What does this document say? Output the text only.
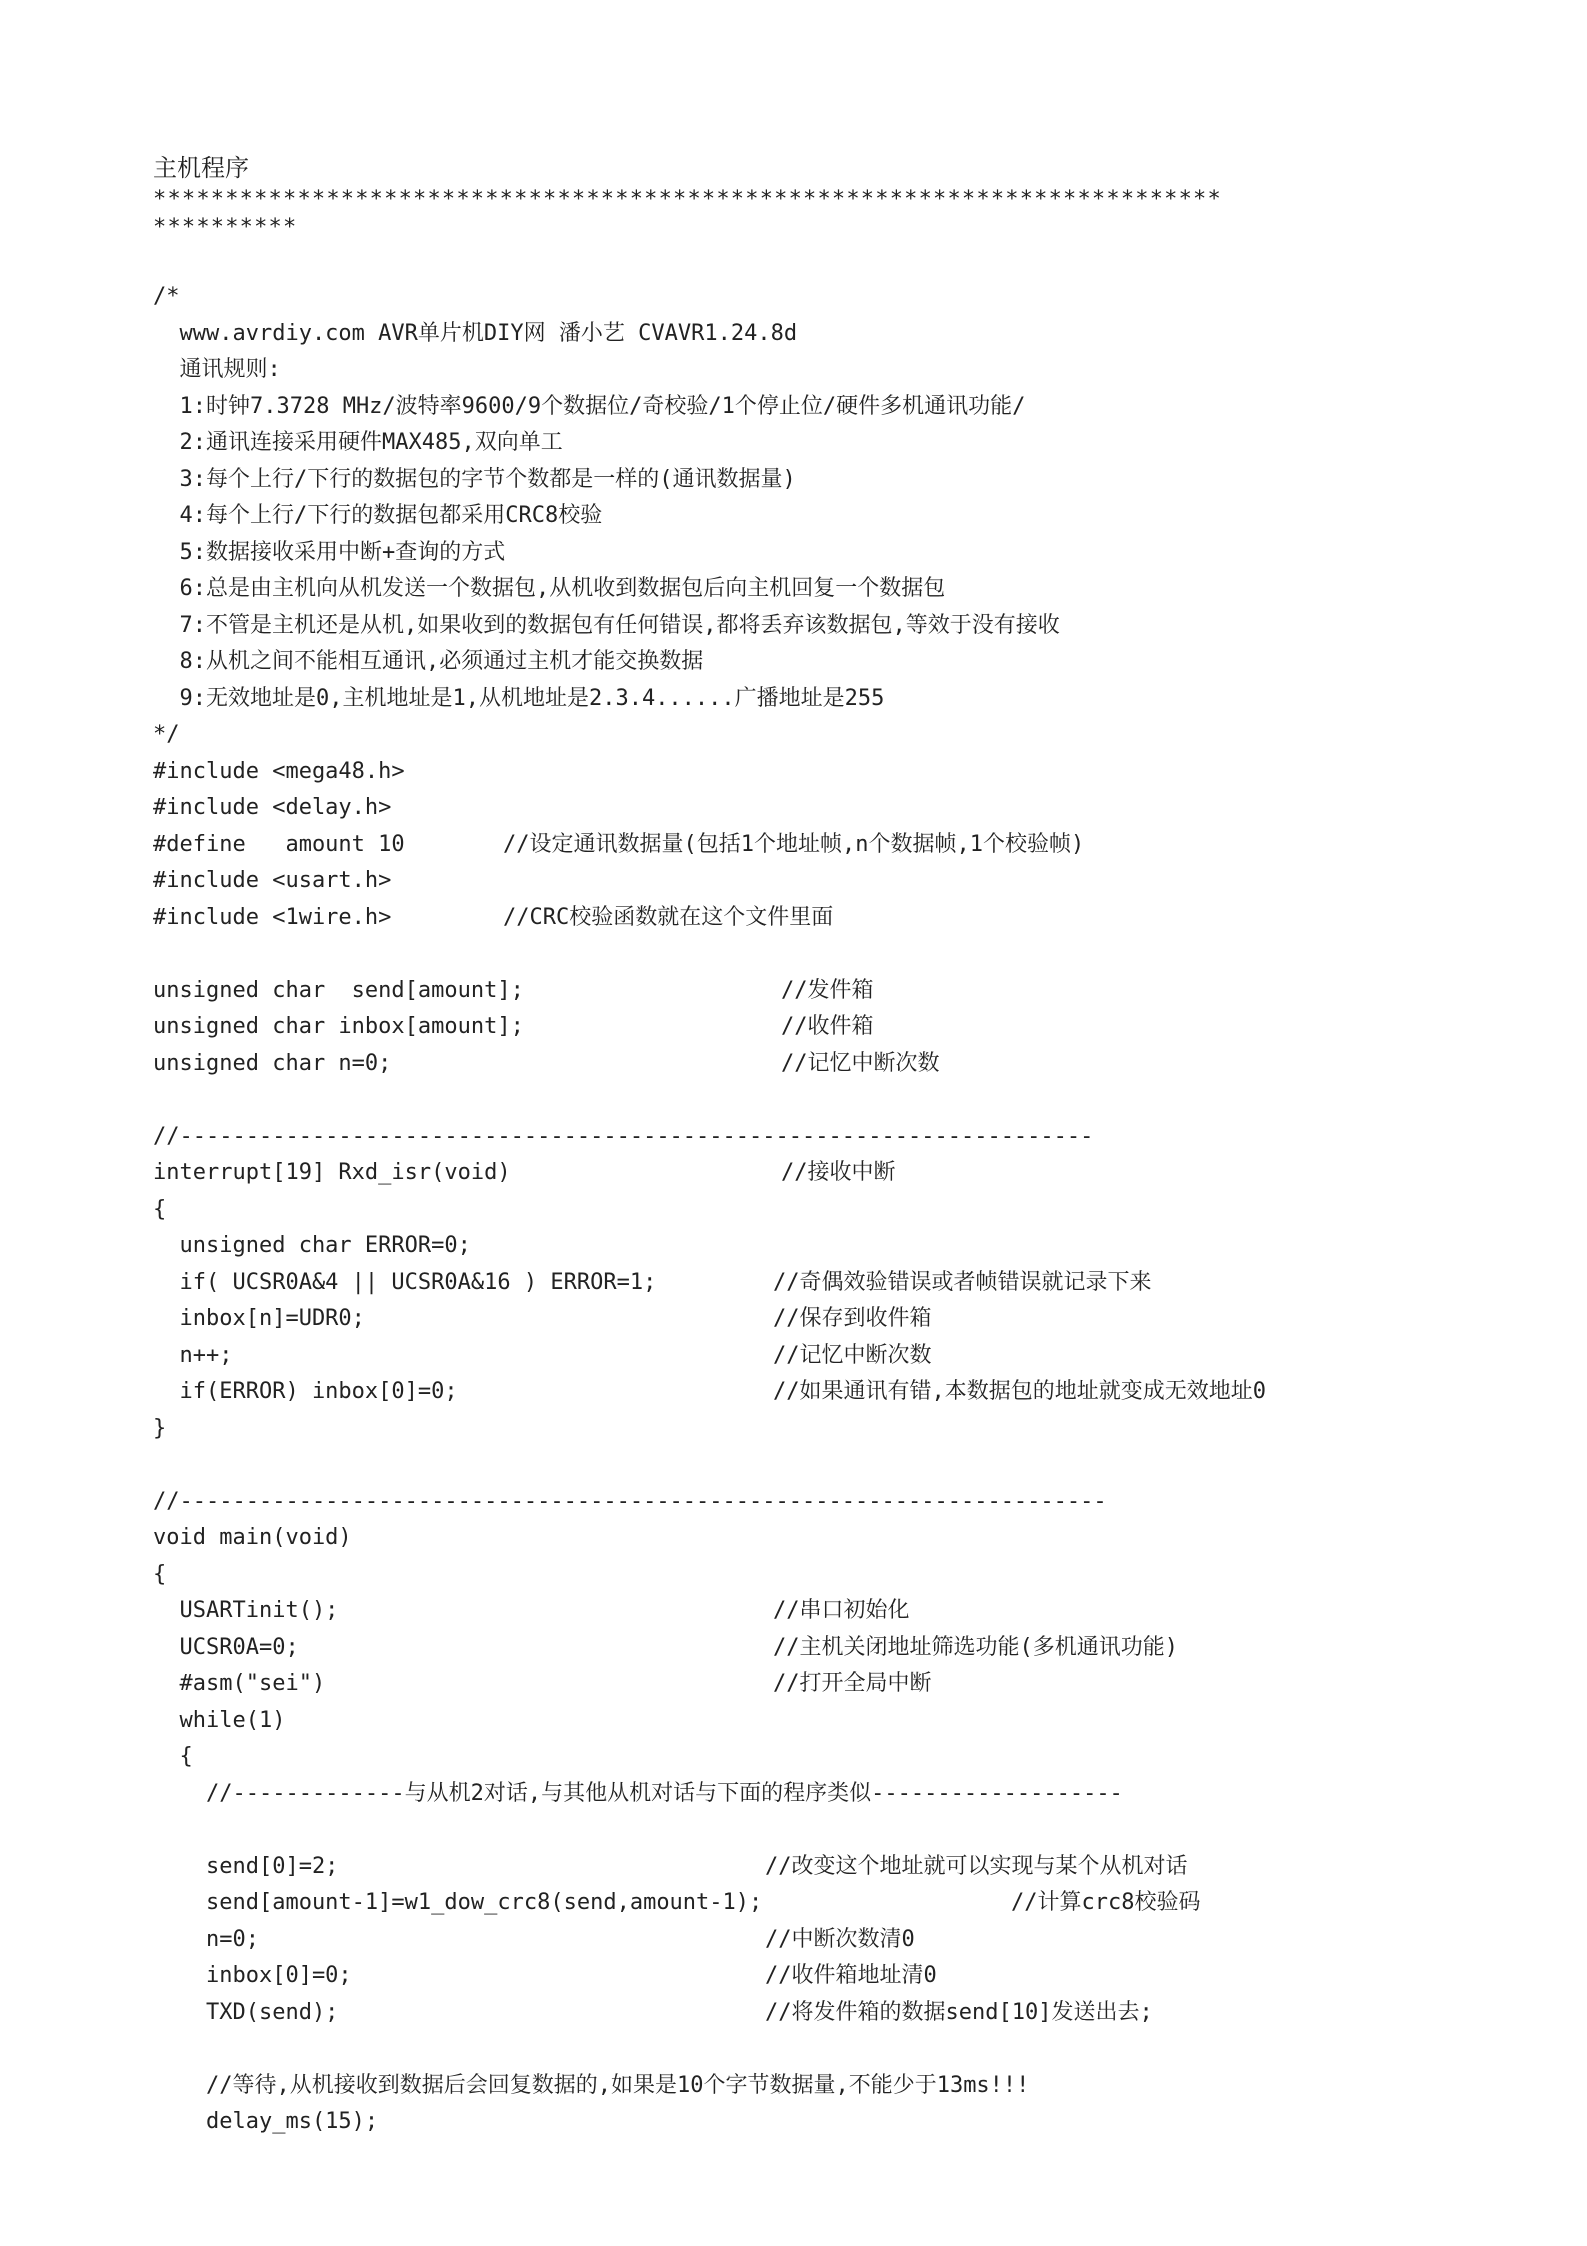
主机程序
**************************************************************************
**********
/*
www.avrdiy.com AVR单片机DIY网 潘小艺 CVAVR1.24.8d
通讯规则:
1:时钟7.3728 MHz/波特率9600/9个数据位/奇校验/1个停止位/硬件多机通讯功能/
2:通讯连接采用硬件MAX485,双向单工
3:每个上行/下行的数据包的字节个数都是一样的(通讯数据量)
4:每个上行/下行的数据包都采用CRC8校验
5:数据接收采用中断+查询的方式
6:总是由主机向从机发送一个数据包,从机收到数据包后向主机回复一个数据包
7:不管是主机还是从机,如果收到的数据包有任何错误,都将丢弃该数据包,等效于没有接收
8:从机之间不能相互通讯,必须通过主机才能交换数据
9:无效地址是0,主机地址是1,从机地址是2.3.4......广播地址是255
*/
#include <mega48.h>
#include <delay.h>
#define   amount 10	//设定通讯数据量(包括1个地址帧,n个数据帧,1个校验帧)
#include <usart.h>
#include <1wire.h>	//CRC校验函数就在这个文件里面
unsigned char  send[amount];	//发件箱
unsigned char inbox[amount];	//收件箱
unsigned char n=0;	//记忆中断次数
//---------------------------------------------------------------------
interrupt[19] Rxd_isr(void)	//接收中断
{
unsigned char ERROR=0;
if( UCSR0A&4 || UCSR0A&16 ) ERROR=1;	//奇偶效验错误或者帧错误就记录下来
inbox[n]=UDR0;	//保存到收件箱
n++;	//记忆中断次数
if(ERROR) inbox[0]=0;	//如果通讯有错,本数据包的地址就变成无效地址0
}
//----------------------------------------------------------------------
void main(void)
{
USARTinit();	//串口初始化
UCSR0A=0;	//主机关闭地址筛选功能(多机通讯功能)
#asm("sei")	//打开全局中断
while(1)
{
//-------------与从机2对话,与其他从机对话与下面的程序类似-------------------
send[0]=2;	//改变这个地址就可以实现与某个从机对话
send[amount-1]=w1_dow_crc8(send,amount-1);	//计算crc8校验码
n=0;	//中断次数清0
inbox[0]=0;	//收件箱地址清0
TXD(send);	//将发件箱的数据send[10]发送出去;
//等待,从机接收到数据后会回复数据的,如果是10个字节数据量,不能少于13ms!!!
delay_ms(15);
